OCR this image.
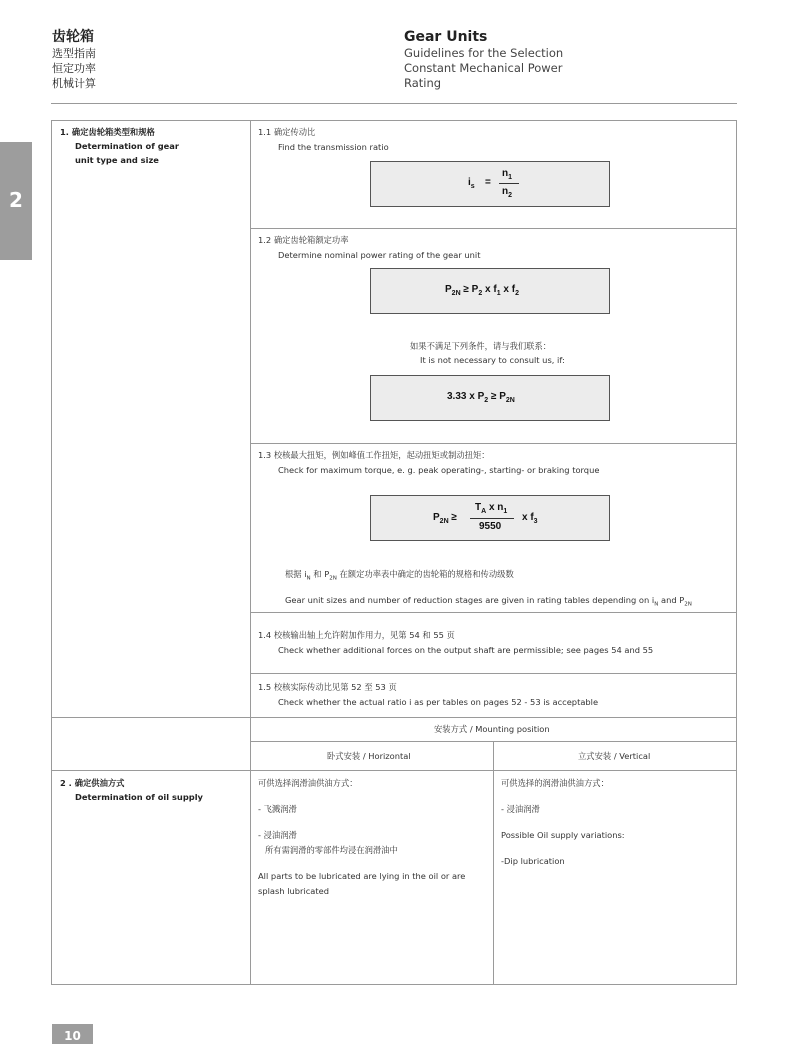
齿轮箱
选型指南
恒定功率
机械计算
Gear Units
Guidelines for the Selection
Constant Mechanical Power
Rating
2
1. 确定齿轮箱类型和规格
Determination of gear
unit type and size
1.1 确定传动比
Find the transmission ratio
$i_s$ =
$n_1$
$n_2$
1.2 确定齿轮箱额定功率
Determine nominal power rating of the gear unit
$P_{2N} \ge P_2$ x $f_1$ x $f_2$
如果不满足下列条件，请与我们联系：
It is not necessary to consult us, if:
3.33 x $P_2 \ge P_{2N}$
1.3 校核最大扭矩，例如峰值工作扭矩，起动扭矩或制动扭矩：
Check for maximum torque, e. g. peak operating-, starting- or braking torque
$P_{2N}$ ≥
$T_A$ x $n_1$
9550
x $f_3$
根据 $i_N$ 和 $P_{2N}$ 在额定功率表中确定的齿轮箱的规格和传动级数
Gear unit sizes and number of reduction stages are given in rating tables depending on $i_N$ and $P_{2N}$
1.4 校核输出轴上允许附加作用力，见第 54 和 55 页
Check whether additional forces on the output shaft are permissible; see pages 54 and 55
1.5 校核实际传动比见第 52 至 53 页
Check whether the actual ratio i as per tables on pages 52 - 53 is acceptable
安装方式 / Mounting position
卧式安装 / Horizontal	立式安装 / Vertical
2 . 确定供油方式
Determination of oil supply
可供选择润滑油供油方式：
- 飞溅润滑
- 浸油润滑
所有需润滑的零部件均浸在润滑油中
All parts to be lubricated are lying in the oil or are
splash lubricated
可供选择的润滑油供油方式：
- 浸油润滑
Possible Oil supply variations:
-Dip lubrication
10
